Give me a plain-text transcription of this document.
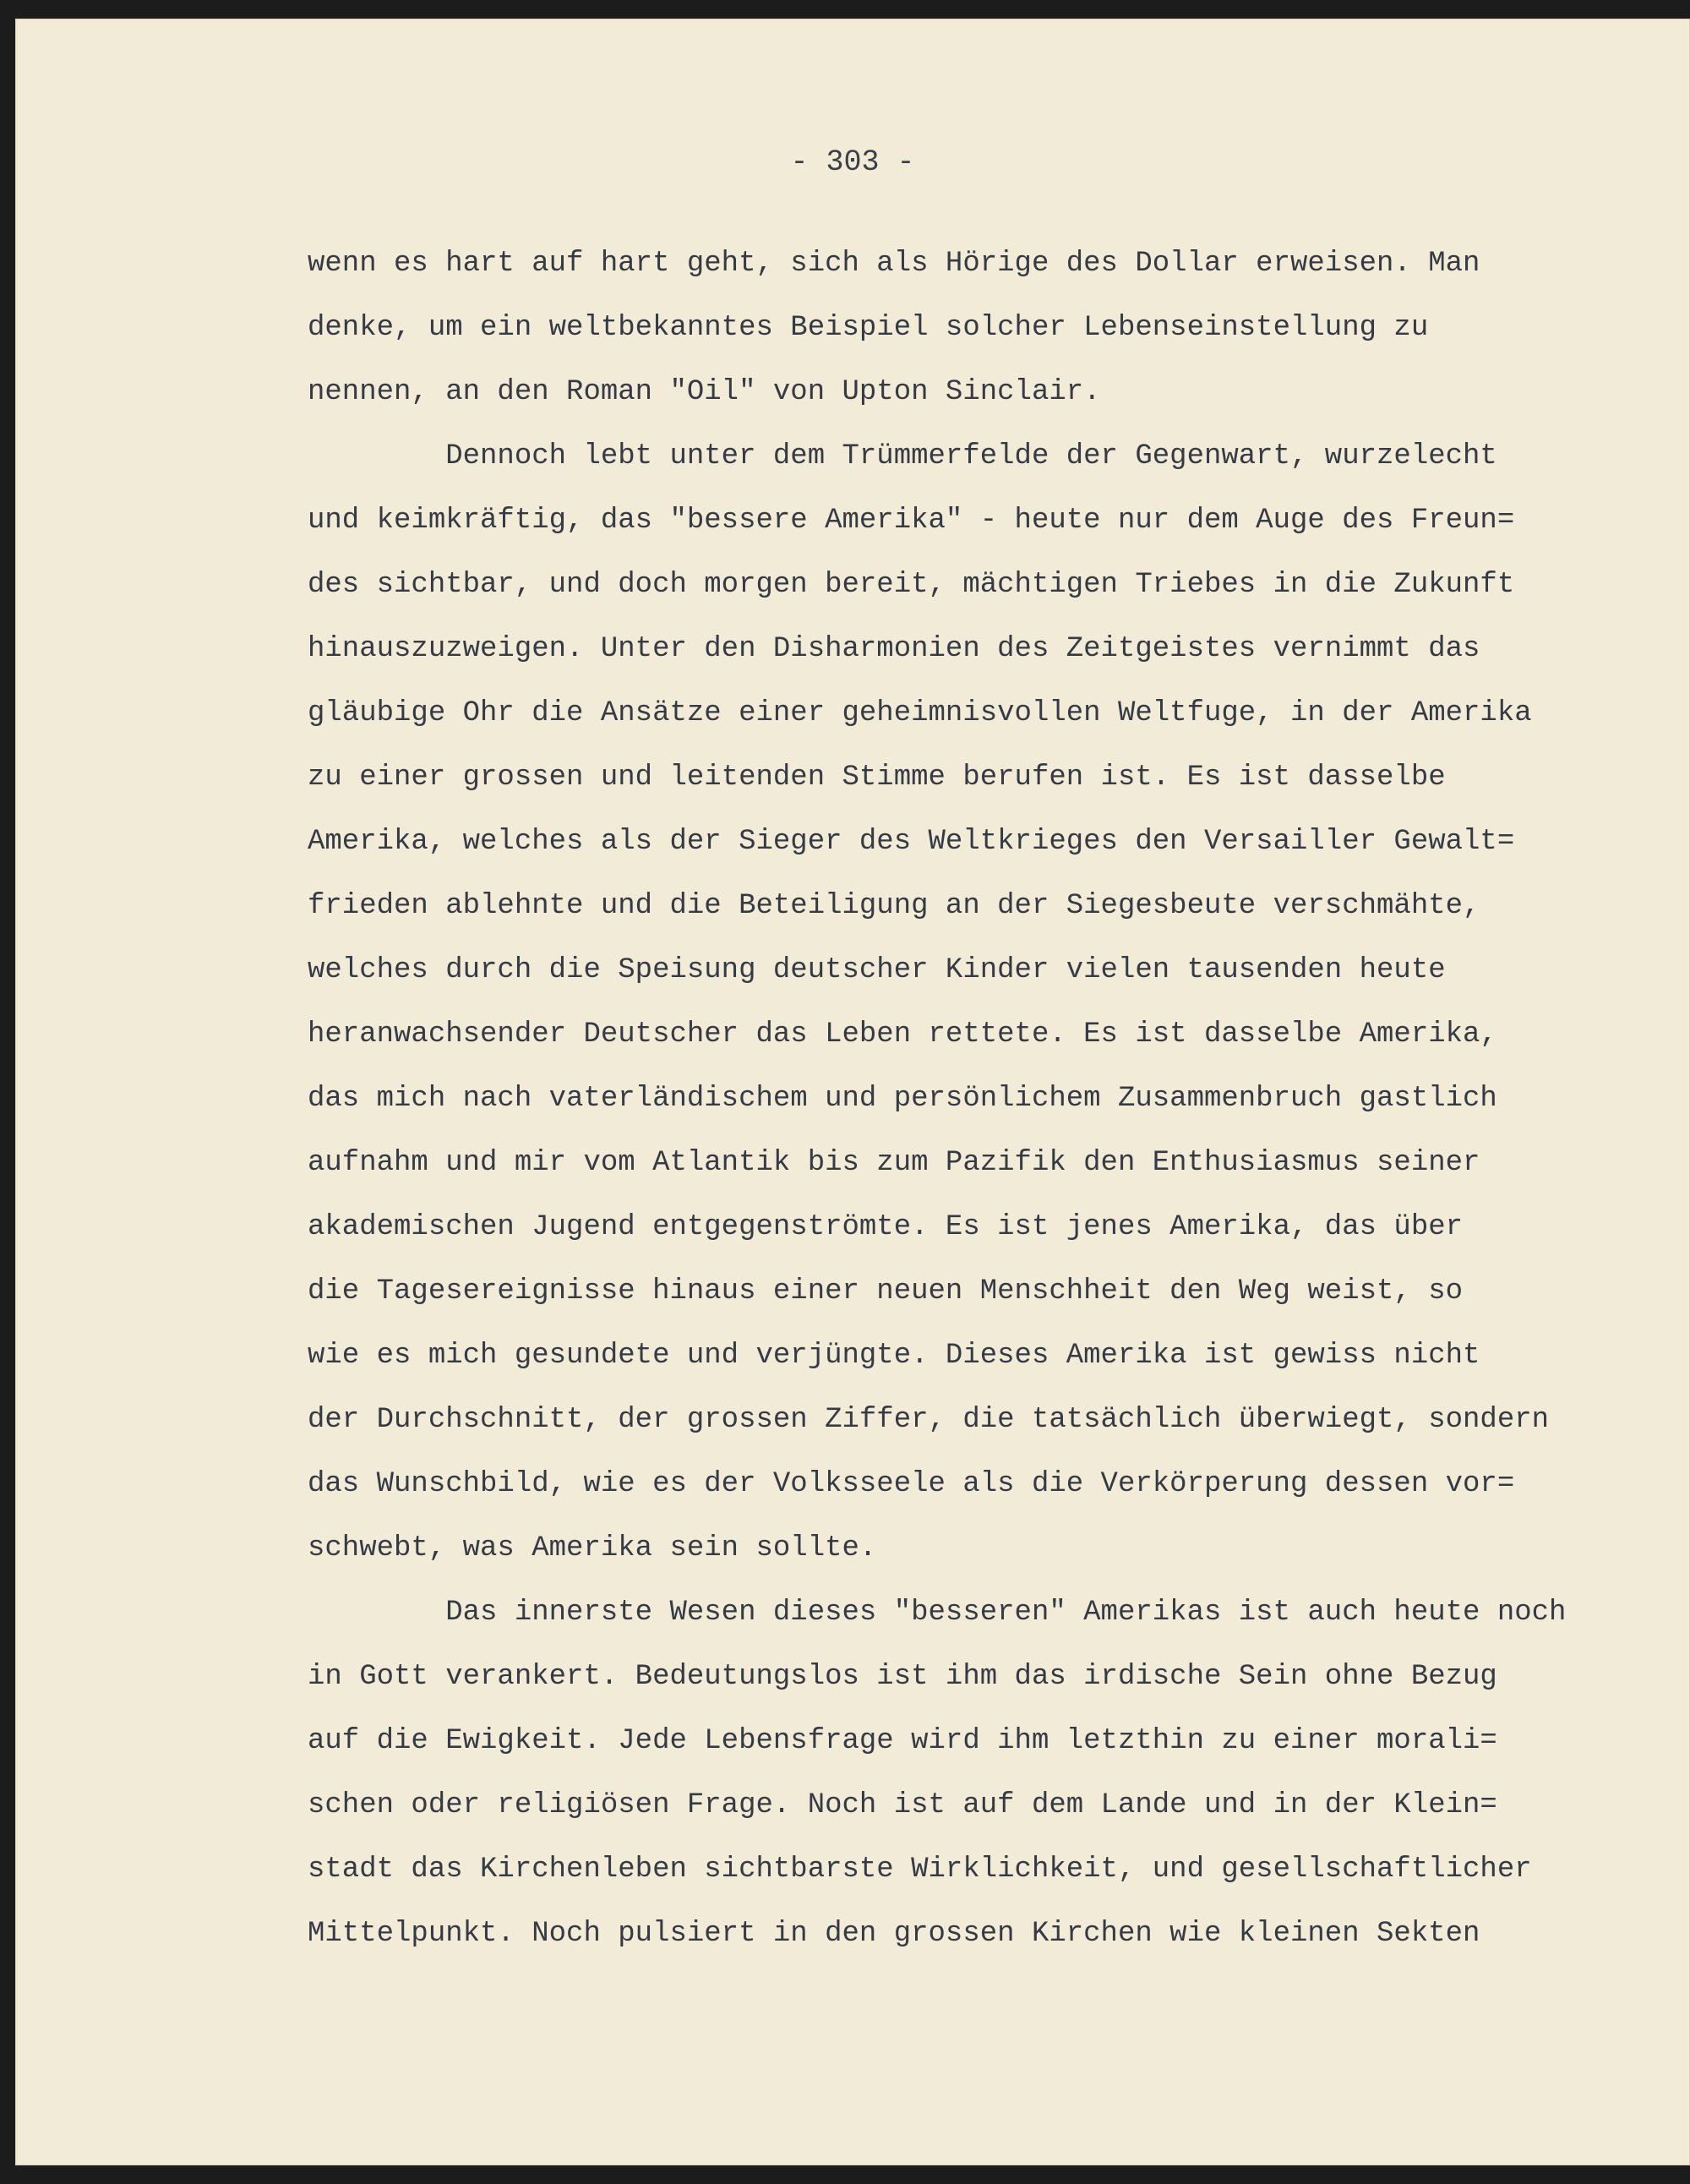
- 303 -
wenn es hart auf hart geht, sich als Hörige des Dollar erweisen. Man
denke, um ein weltbekanntes Beispiel solcher Lebenseinstellung zu
nennen, an den Roman "Oil" von Upton Sinclair.
Dennoch lebt unter dem Trümmerfelde der Gegenwart, wurzelecht
und keimkräftig, das "bessere Amerika" - heute nur dem Auge des Freun=
des sichtbar, und doch morgen bereit, mächtigen Triebes in die Zukunft
hinauszuzweigen. Unter den Disharmonien des Zeitgeistes vernimmt das
gläubige Ohr die Ansätze einer geheimnisvollen Weltfuge, in der Amerika
zu einer grossen und leitenden Stimme berufen ist. Es ist dasselbe
Amerika, welches als der Sieger des Weltkrieges den Versailler Gewalt=
frieden ablehnte und die Beteiligung an der Siegesbeute verschmähte,
welches durch die Speisung deutscher Kinder vielen tausenden heute
heranwachsender Deutscher das Leben rettete. Es ist dasselbe Amerika,
das mich nach vaterländischem und persönlichem Zusammenbruch gastlich
aufnahm und mir vom Atlantik bis zum Pazifik den Enthusiasmus seiner
akademischen Jugend entgegenströmte. Es ist jenes Amerika, das über
die Tagesereignisse hinaus einer neuen Menschheit den Weg weist, so
wie es mich gesundete und verjüngte. Dieses Amerika ist gewiss nicht
der Durchschnitt, der grossen Ziffer, die tatsächlich überwiegt, sondern
das Wunschbild, wie es der Volksseele als die Verkörperung dessen vor=
schwebt, was Amerika sein sollte.
Das innerste Wesen dieses "besseren" Amerikas ist auch heute noch
in Gott verankert. Bedeutungslos ist ihm das irdische Sein ohne Bezug
auf die Ewigkeit. Jede Lebensfrage wird ihm letzthin zu einer morali=
schen oder religiösen Frage. Noch ist auf dem Lande und in der Klein=
stadt das Kirchenleben sichtbarste Wirklichkeit, und gesellschaftlicher
Mittelpunkt. Noch pulsiert in den grossen Kirchen wie kleinen Sekten
